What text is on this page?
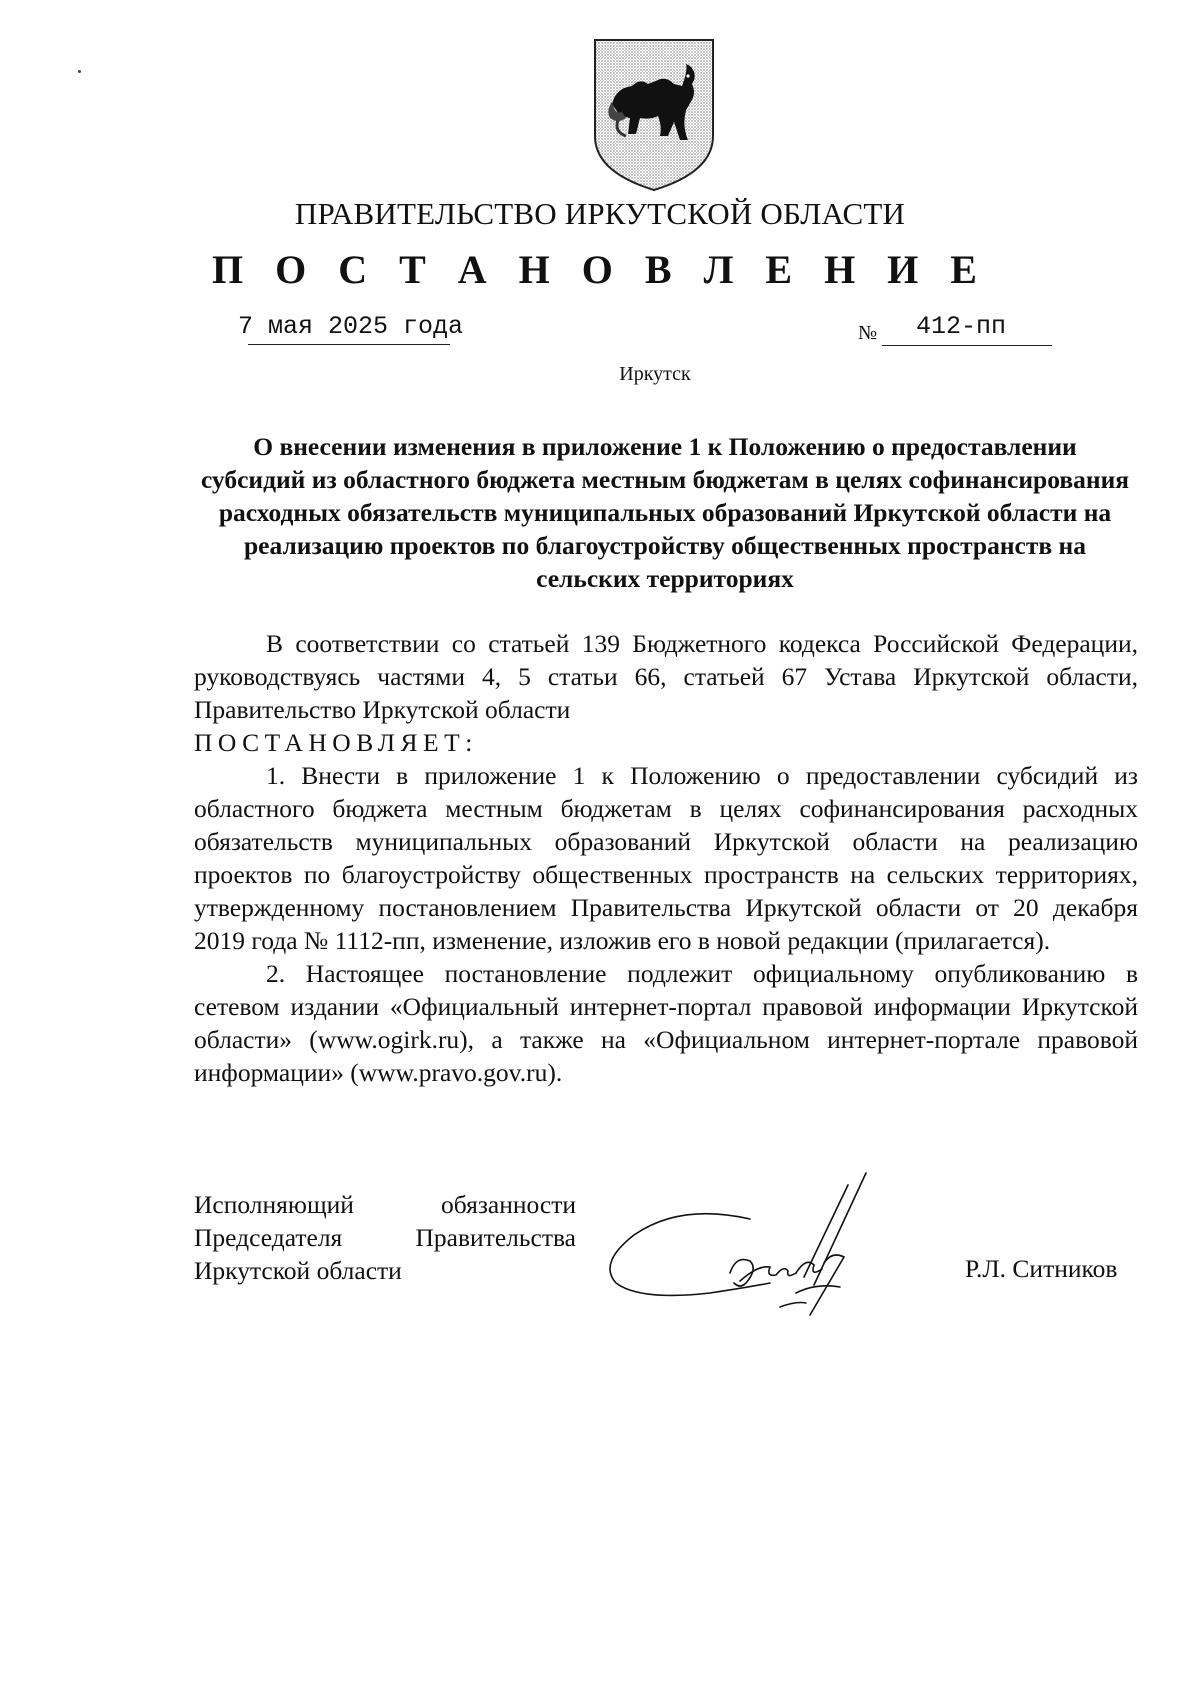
ПРАВИТЕЛЬСТВО ИРКУТСКОЙ ОБЛАСТИ
П О С Т А Н О В Л Е Н И Е
7 мая 2025 года	№ 412-пп
Иркутск
О внесении изменения в приложение 1 к Положению о предоставлении субсидий из областного бюджета местным бюджетам в целях софинансирования расходных обязательств муниципальных образований Иркутской области на реализацию проектов по благоустройству общественных пространств на сельских территориях

В соответствии со статьей 139 Бюджетного кодекса Российской Федерации, руководствуясь частями 4, 5 статьи 66, статьей 67 Устава Иркутской области, Правительство Иркутской области

ПОСТАНОВЛЯЕТ:

1. Внести в приложение 1 к Положению о предоставлении субсидий из областного бюджета местным бюджетам в целях софинансирования расходных обязательств муниципальных образований Иркутской области на реализацию проектов по благоустройству общественных пространств на сельских территориях, утвержденному постановлением Правительства Иркутской области от 20 декабря 2019 года № 1112-пп, изменение, изложив его в новой редакции (прилагается).

2. Настоящее постановление подлежит официальному опубликованию в сетевом издании «Официальный интернет-портал правовой информации Иркутской области» (www.ogirk.ru), а также на «Официальном интернет-портале правовой информации» (www.pravo.gov.ru).

Исполняющий	обязанности
Председателя	Правительства
Иркутской области	Р.Л. Ситников
